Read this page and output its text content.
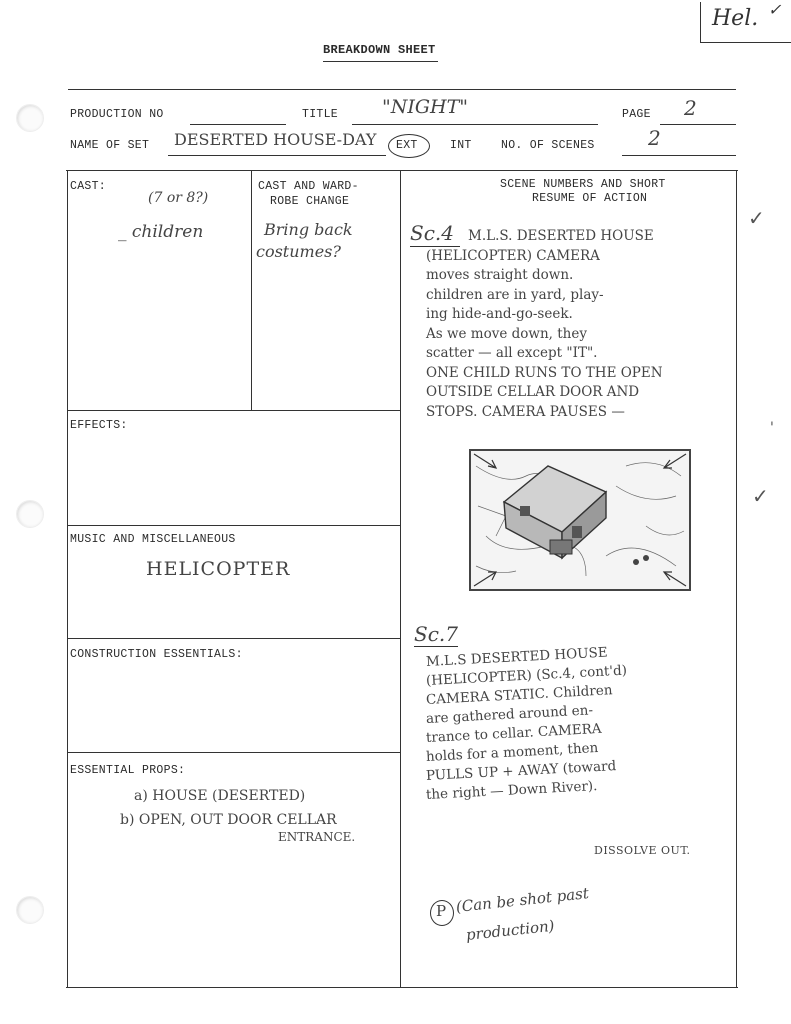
Hel. ✓
BREAKDOWN SHEET
PRODUCTION NO	TITLE "NIGHT"	PAGE 2
NAME OF SET DESERTED HOUSE-DAY EXT	INT	NO. OF SCENES	2
CAST:
(7 or 8?)
_ children
CAST AND WARD-
ROBE CHANGE
Bring back
costumes?
EFFECTS:
MUSIC AND MISCELLANEOUS
HELICOPTER
CONSTRUCTION ESSENTIALS:
ESSENTIAL PROPS:
a) HOUSE (DESERTED)
b) OPEN, OUT DOOR CELLAR
ENTRANCE.
SCENE NUMBERS AND SHORT
RESUME OF ACTION
Sc.4 M.L.S. DESERTED HOUSE
(HELICOPTER) CAMERA
moves straight down.
children are in yard, play-
ing hide-and-go-seek.
As we move down, they
scatter — all except "IT".
ONE CHILD RUNS TO THE OPEN
OUTSIDE CELLAR DOOR AND
STOPS. CAMERA PAUSES —
Sc.7
M.L.S DESERTED HOUSE
(HELICOPTER) (Sc.4, cont'd)
CAMERA STATIC. Children
are gathered around en-
trance to cellar. CAMERA
holds for a moment, then
PULLS UP + AWAY (toward
the right — Down River).
DISSOLVE OUT.
P (Can be shot past
production)
✓
✓
'
